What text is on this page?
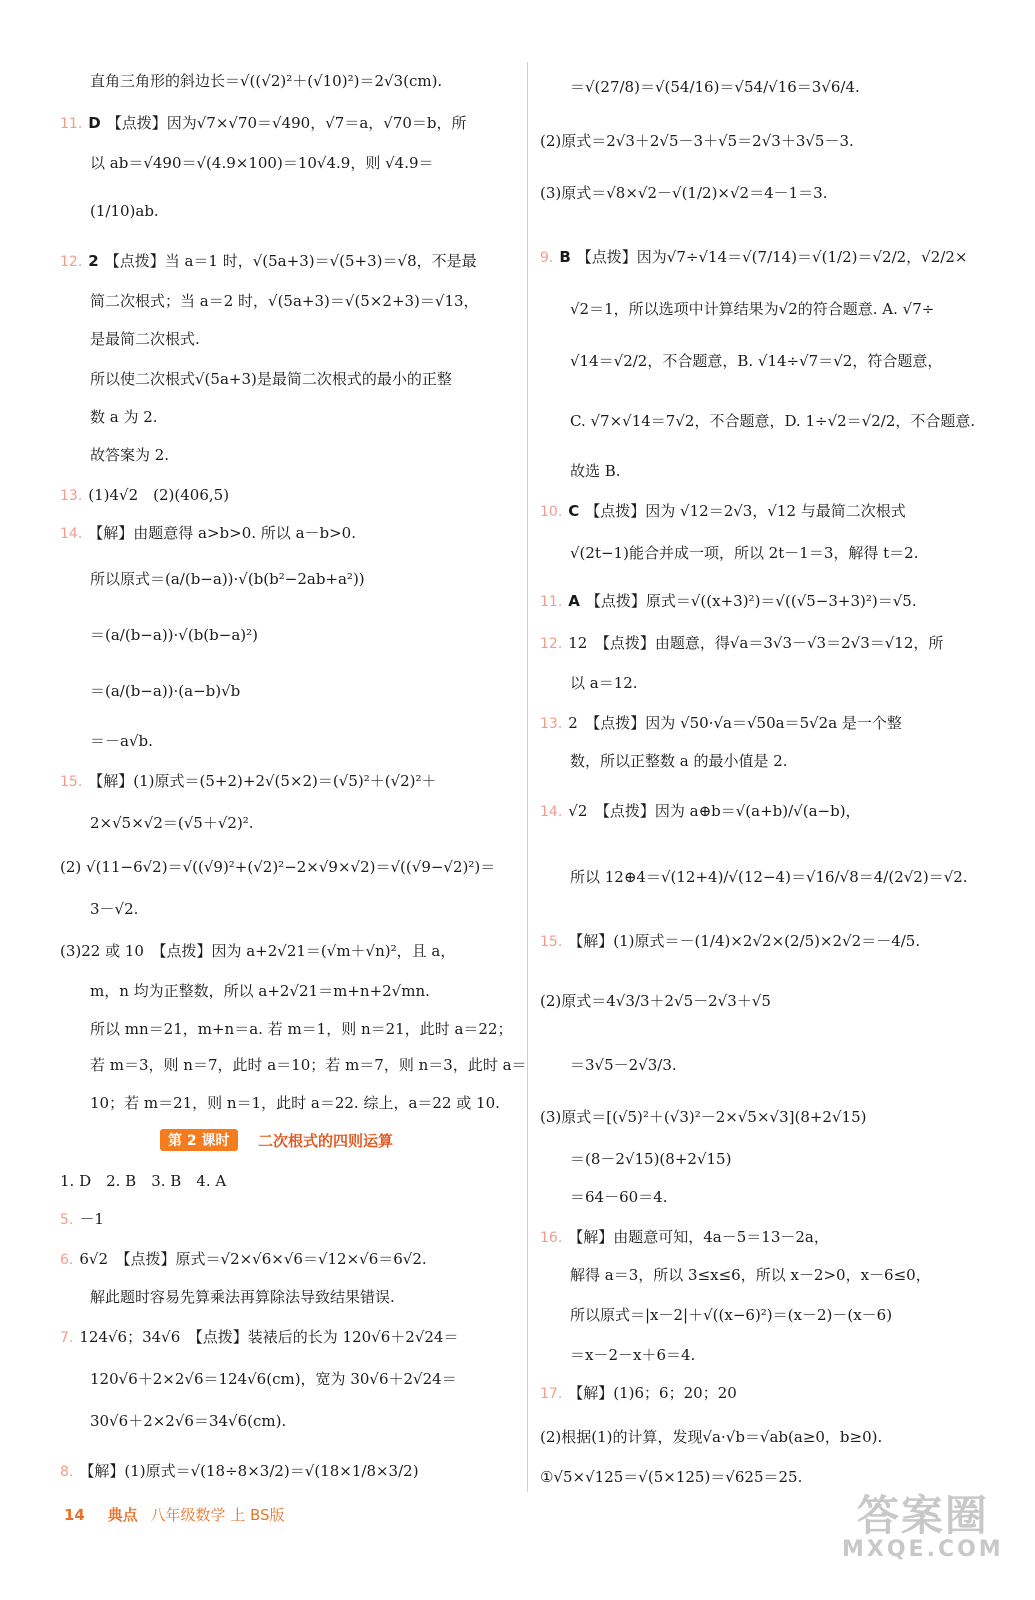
直角三角形的斜边长＝√((√2)²＋(√10)²)＝2√3(cm).
11. D 【点拨】因为√7×√70＝√490，√7＝a，√70＝b，所
以 ab＝√490＝√(4.9×100)＝10√4.9，则 √4.9＝
(1/10)ab.
12. 2 【点拨】当 a＝1 时，√(5a+3)＝√(5+3)＝√8，不是最
简二次根式；当 a＝2 时，√(5a+3)＝√(5×2+3)＝√13，
是最简二次根式.
所以使二次根式√(5a+3)是最简二次根式的最小的正整
数 a 为 2.
故答案为 2.
13. (1)4√2　(2)(406,5)
14. 【解】由题意得 a>b>0. 所以 a－b>0.
所以原式＝(a/(b−a))·√(b(b²−2ab+a²))
＝(a/(b−a))·√(b(b−a)²)
＝(a/(b−a))·(a−b)√b
＝－a√b.
15. 【解】(1)原式＝(5+2)+2√(5×2)＝(√5)²＋(√2)²＋
2×√5×√2＝(√5＋√2)².
(2) √(11−6√2)＝√((√9)²+(√2)²−2×√9×√2)＝√((√9−√2)²)＝
3－√2.
(3)22 或 10　【点拨】因为 a+2√21＝(√m＋√n)²，且 a，
m，n 均为正整数，所以 a+2√21＝m+n+2√mn.
所以 mn＝21，m+n＝a. 若 m＝1，则 n＝21，此时 a＝22；
若 m＝3，则 n＝7，此时 a＝10；若 m＝7，则 n＝3，此时 a＝
10；若 m＝21，则 n＝1，此时 a＝22. 综上，a＝22 或 10.
1. D　2. B　3. B　4. A
5. －1
6. 6√2　【点拨】原式＝√2×√6×√6＝√12×√6＝6√2.
解此题时容易先算乘法再算除法导致结果错误.
7. 124√6；34√6　【点拨】装裱后的长为 120√6＋2√24＝
120√6＋2×2√6＝124√6(cm)，宽为 30√6＋2√24＝
30√6＋2×2√6＝34√6(cm).
8. 【解】(1)原式＝√(18÷8×3/2)＝√(18×1/8×3/2)
＝√(27/8)＝√(54/16)＝√54/√16＝3√6/4.
(2)原式＝2√3＋2√5－3＋√5＝2√3＋3√5－3.
(3)原式＝√8×√2－√(1/2)×√2＝4－1＝3.
9. B 【点拨】因为√7÷√14＝√(7/14)＝√(1/2)＝√2/2，√2/2×
√2＝1，所以选项中计算结果为√2的符合题意. A. √7÷
√14＝√2/2，不合题意，B. √14÷√7＝√2，符合题意，
C. √7×√14＝7√2，不合题意，D. 1÷√2＝√2/2，不合题意.
故选 B.
10. C 【点拨】因为 √12＝2√3，√12 与最简二次根式
√(2t−1)能合并成一项，所以 2t－1＝3，解得 t＝2.
11. A 【点拨】原式＝√((x+3)²)＝√((√5−3+3)²)＝√5.
12. 12　【点拨】由题意，得√a＝3√3－√3＝2√3＝√12，所
以 a＝12.
13. 2　【点拨】因为 √50·√a＝√50a＝5√2a 是一个整
数，所以正整数 a 的最小值是 2.
14. √2　【点拨】因为 a⊕b＝√(a+b)/√(a−b)，
所以 12⊕4＝√(12+4)/√(12−4)＝√16/√8＝4/(2√2)＝√2.
15. 【解】(1)原式＝－(1/4)×2√2×(2/5)×2√2＝－4/5.
(2)原式＝4√3/3＋2√5－2√3＋√5
＝3√5－2√3/3.
(3)原式＝[(√5)²＋(√3)²－2×√5×√3](8+2√15)
＝(8－2√15)(8+2√15)
＝64－60＝4.
16. 【解】由题意可知，4a－5＝13－2a，
解得 a＝3，所以 3≤x≤6，所以 x－2>0，x－6≤0，
所以原式＝|x－2|＋√((x−6)²)＝(x－2)－(x－6)
＝x－2－x＋6＝4.
17. 【解】(1)6；6；20；20
(2)根据(1)的计算，发现√a·√b＝√ab(a≥0，b≥0).
①√5×√125＝√(5×125)＝√625＝25.
第 2 课时	二次根式的四则运算
14 典点 八年级数学 上 BS版	答案圈
MXQE.COM
